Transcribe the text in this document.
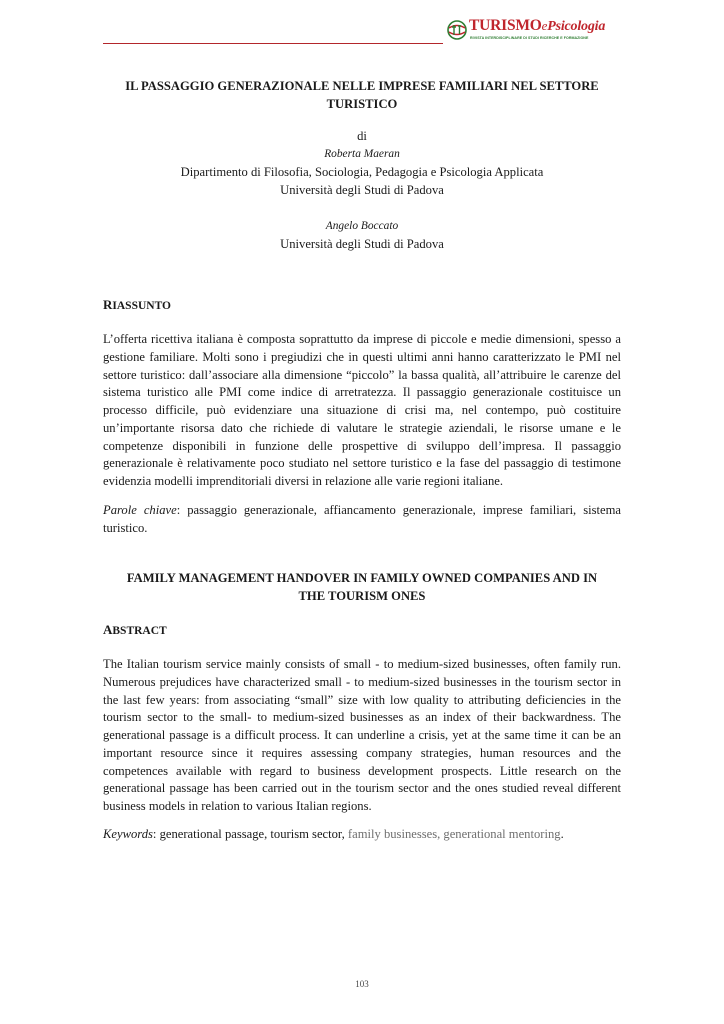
TURISMOePsicologia
RIVISTA INTERDISCIPLINARE DI STUDI RICERCHE E FORMAZIONE
IL PASSAGGIO GENERAZIONALE NELLE IMPRESE FAMILIARI NEL SETTORE
TURISTICO
di
Roberta Maeran
Dipartimento di Filosofia, Sociologia, Pedagogia e Psicologia Applicata
Università degli Studi di Padova
Angelo Boccato
Università degli Studi di Padova
RIASSUNTO

L’offerta ricettiva italiana è composta soprattutto da imprese di piccole e medie dimensioni, spesso a gestione familiare. Molti sono i pregiudizi che in questi ultimi anni hanno caratterizzato le PMI nel settore turistico: dall’associare alla dimensione “piccolo” la bassa qualità, all’attribuire le carenze del sistema turistico alle PMI come indice di arretratezza. Il passaggio generazionale costituisce un processo difficile, può evidenziare una situazione di crisi ma, nel contempo, può costituire un’importante risorsa dato che richiede di valutare le strategie aziendali, le risorse umane e le competenze disponibili in funzione delle prospettive di sviluppo dell’impresa. Il passaggio generazionale è relativamente poco studiato nel settore turistico e la fase del passaggio di testimone evidenzia modelli imprenditoriali diversi in relazione alle varie regioni italiane.

Parole chiave: passaggio generazionale, affiancamento generazionale, imprese familiari, sistema turistico.

FAMILY MANAGEMENT HANDOVER IN FAMILY OWNED COMPANIES AND IN
THE TOURISM ONES
ABSTRACT

The Italian tourism service mainly consists of small - to medium-sized businesses, often family run. Numerous prejudices have characterized small - to medium-sized businesses in the tourism sector in the last few years: from associating “small” size with low quality to attributing deficiencies in the tourism sector to the small- to medium-sized businesses as an index of their backwardness. The generational passage is a difficult process. It can underline a crisis, yet at the same time it can be an important resource since it requires assessing company strategies, human resources and the competences available with regard to business development prospects. Little research on the generational passage has been carried out in the tourism sector and the ones studied reveal different business models in relation to various Italian regions.

Keywords: generational passage, tourism sector, family businesses, generational mentoring.

103
